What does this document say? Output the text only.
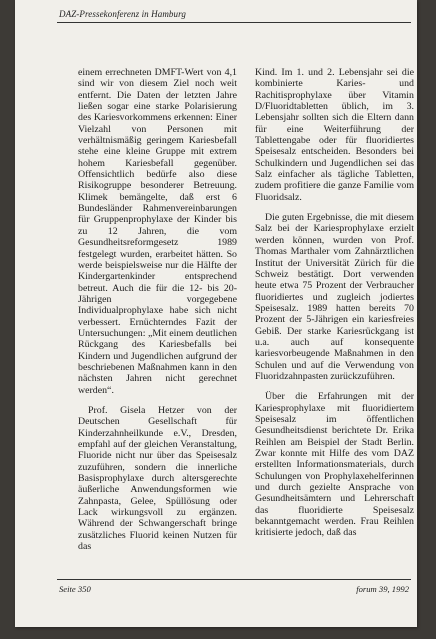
DAZ-Pressekonferenz in Hamburg

einem errechneten DMFT-Wert von 4,1 sind wir von diesem Ziel noch weit entfernt. Die Daten der letzten Jahre ließen sogar eine starke Polarisierung des Kariesvorkommens erkennen: Einer Vielzahl von Personen mit verhältnismäßig geringem Kariesbefall stehe eine kleine Gruppe mit extrem hohem Kariesbefall gegenüber. Offensichtlich bedürfe also diese Risikogruppe besonderer Betreuung. Klimek bemängelte, daß erst 6 Bundesländer Rahmenvereinbarungen für Gruppenprophylaxe der Kinder bis zu 12 Jahren, die vom Gesundheitsreformgesetz 1989 festgelegt wurden, erarbeitet hätten. So werde beispielsweise nur die Hälfte der Kindergartenkinder entsprechend betreut. Auch die für die 12- bis 20-Jährigen vorgegebene Individualprophylaxe habe sich nicht verbessert. Ernüchterndes Fazit der Untersuchungen: „Mit einem deutlichen Rückgang des Kariesbefalls bei Kindern und Jugendlichen aufgrund der beschriebenen Maßnahmen kann in den nächsten Jahren nicht gerechnet werden“.

Prof. Gisela Hetzer von der Deutschen Gesellschaft für Kinderzahnheilkunde e.V., Dresden, empfahl auf der gleichen Veranstaltung, Fluoride nicht nur über das Speisesalz zuzuführen, sondern die innerliche Basisprophylaxe durch altersgerechte äußerliche Anwendungsformen wie Zahnpasta, Gelee, Spüllösung oder Lack wirkungsvoll zu ergänzen. Während der Schwangerschaft bringe zusätzliches Fluorid keinen Nutzen für das

Kind. Im 1. und 2. Lebensjahr sei die kombinierte Karies- und Rachitisprophylaxe über Vitamin D/Fluoridtabletten üblich, im 3. Lebensjahr sollten sich die Eltern dann für eine Weiterführung der Tablettengabe oder für fluoridiertes Speisesalz entscheiden. Besonders bei Schulkindern und Jugendlichen sei das Salz einfacher als tägliche Tabletten, zudem profitiere die ganze Familie vom Fluoridsalz.

Die guten Ergebnisse, die mit diesem Salz bei der Kariesprophylaxe erzielt werden können, wurden von Prof. Thomas Marthaler vom Zahnärztlichen Institut der Universität Zürich für die Schweiz bestätigt. Dort verwenden heute etwa 75 Prozent der Verbraucher fluoridiertes und zugleich jodiertes Speisesalz. 1989 hatten bereits 70 Prozent der 5-Jährigen ein kariesfreies Gebiß. Der starke Kariesrückgang ist u.a. auch auf konsequente kariesvorbeugende Maßnahmen in den Schulen und auf die Verwendung von Fluoridzahnpasten zurückzuführen.

Über die Erfahrungen mit der Kariesprophylaxe mit fluoridiertem Speisesalz im öffentlichen Gesundheitsdienst berichtete Dr. Erika Reihlen am Beispiel der Stadt Berlin. Zwar konnte mit Hilfe des vom DAZ erstellten Informationsmaterials, durch Schulungen von Prophylaxehelferinnen und durch gezielte Ansprache von Gesundheitsämtern und Lehrerschaft das fluoridierte Speisesalz bekanntgemacht werden. Frau Reihlen kritisierte jedoch, daß das

Seite 350	forum 39, 1992
